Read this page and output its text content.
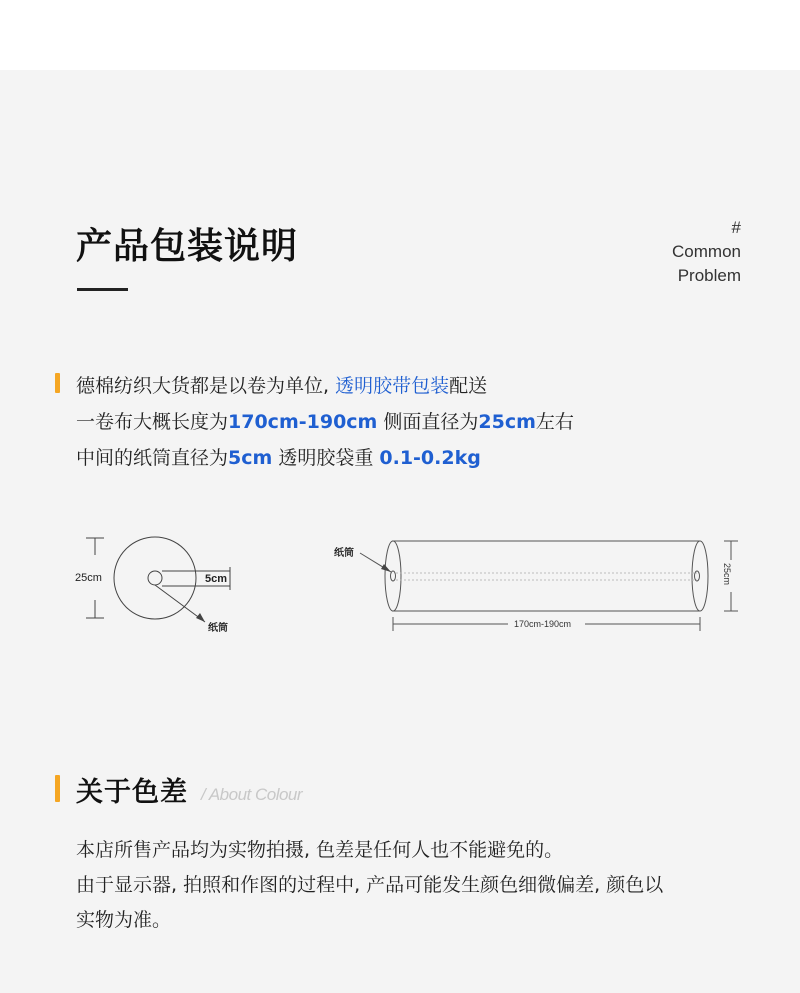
产品包装说明	#
Common
Problem
德棉纺织大货都是以卷为单位, 透明胶带包装配送
一卷布大概长度为170cm-190cm 侧面直径为25cm左右
中间的纸筒直径为5cm 透明胶袋重 0.1-0.2kg
25cm	5cm
纸筒
纸筒
170cm-190cm
25cm
关于色差 / About Colour
本店所售产品均为实物拍摄, 色差是任何人也不能避免的。
由于显示器, 拍照和作图的过程中, 产品可能发生颜色细微偏差, 颜色以
实物为准。
